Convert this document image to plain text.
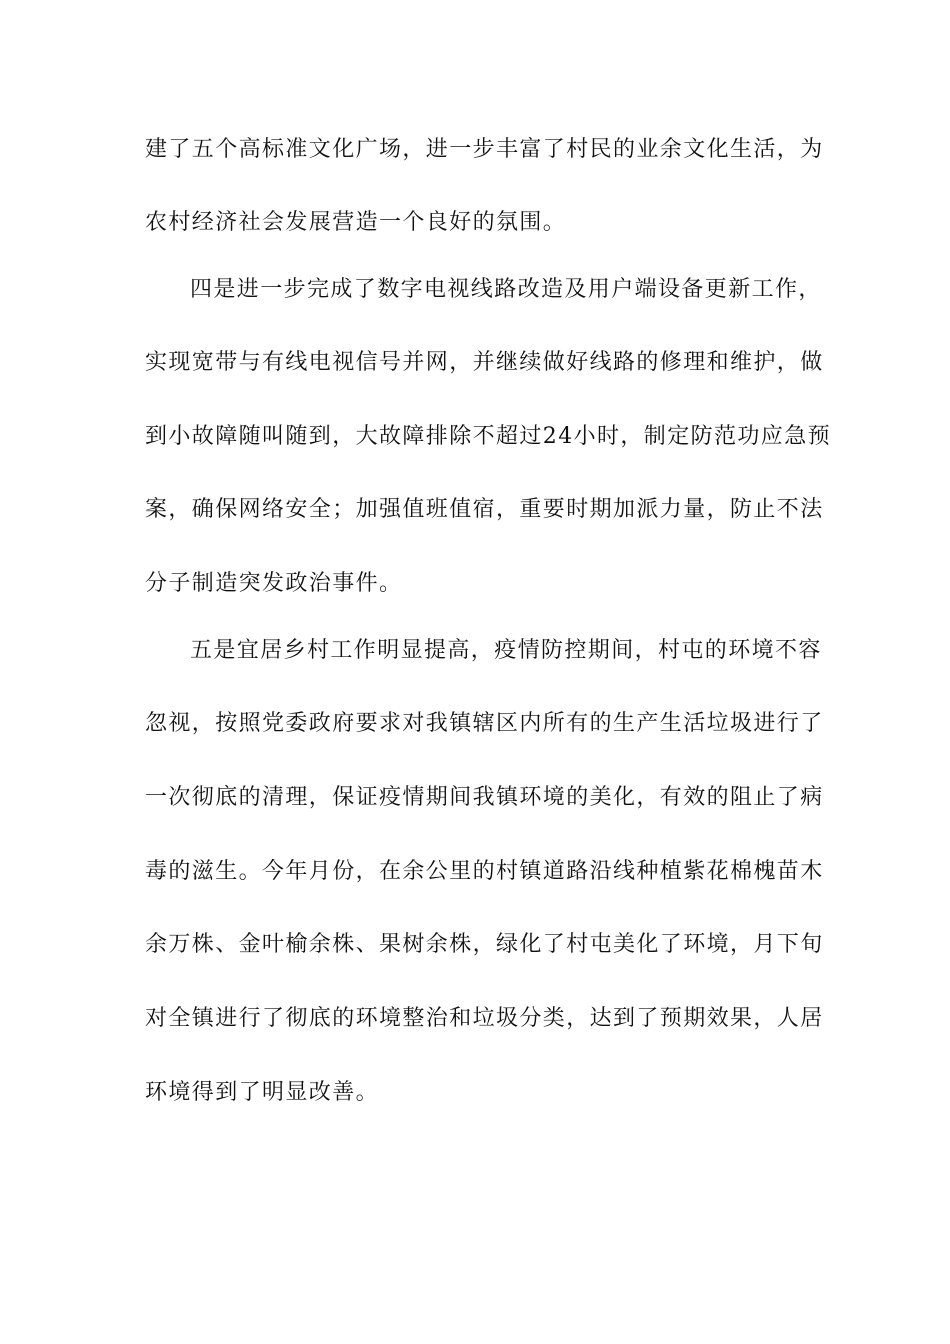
建了五个高标准文化广场，进一步丰富了村民的业余文化生活，为
农村经济社会发展营造一个良好的氛围。
四是进一步完成了数字电视线路改造及用户端设备更新工作，
实现宽带与有线电视信号并网，并继续做好线路的修理和维护，做
到小故障随叫随到，大故障排除不超过24小时，制定防范功应急预
案，确保网络安全；加强值班值宿，重要时期加派力量，防止不法
分子制造突发政治事件。
五是宜居乡村工作明显提高，疫情防控期间，村屯的环境不容
忽视，按照党委政府要求对我镇辖区内所有的生产生活垃圾进行了
一次彻底的清理，保证疫情期间我镇环境的美化，有效的阻止了病
毒的滋生。今年月份，在余公里的村镇道路沿线种植紫花棉槐苗木
余万株、金叶榆余株、果树余株，绿化了村屯美化了环境，月下旬
对全镇进行了彻底的环境整治和垃圾分类，达到了预期效果，人居
环境得到了明显改善。
